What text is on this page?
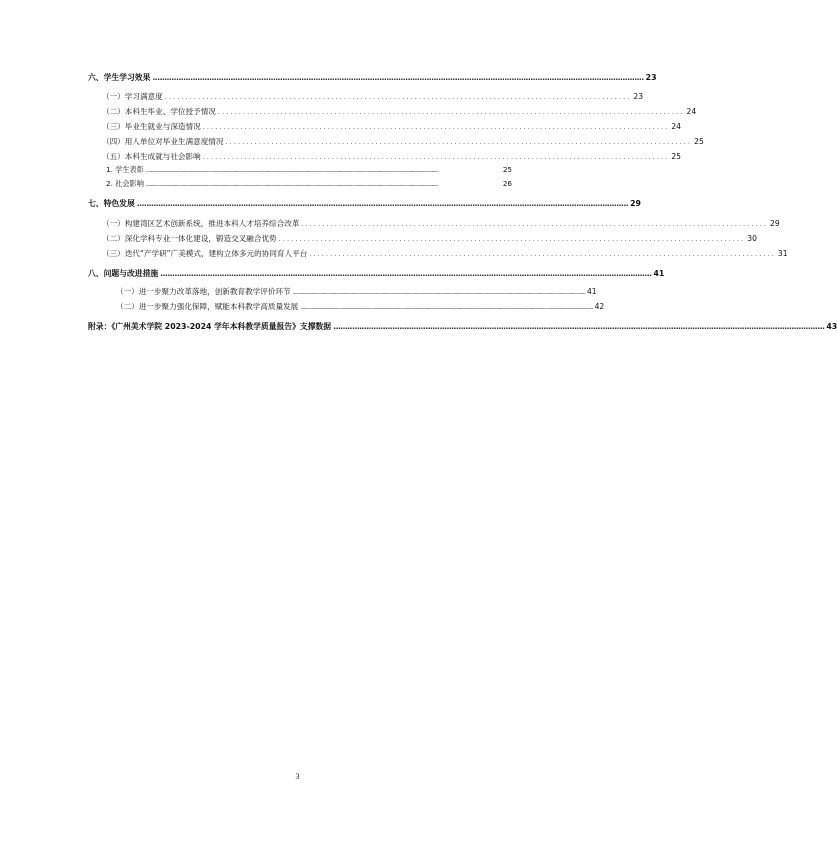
六、学生学习效果 ................................................................................................................................................................................................................ 23
（一）学习满意度 ................................................................................................................ 23
（二）本科生毕业、学位授予情况 ................................................................................................................ 24
（三）毕业生就业与深造情况 ................................................................................................................ 24
（四）用人单位对毕业生满意度情况 ................................................................................................................ 25
（五）本科生成就与社会影响 ................................................................................................................ 25
1. 学生表彰 ........................................................................................................................................................................................................................................................................	25
2. 社会影响 ........................................................................................................................................................................................................................................................................	26
七、特色发展 ................................................................................................................................................................................................................ 29
（一）构建湾区艺术创新系统，推进本科人才培养综合改革 ................................................................................................................ 29
（二）深化学科专业一体化建设，锻造交叉融合优势 ................................................................................................................ 30
（三）迭代“产学研”广美模式，建构立体多元的协同育人平台 ................................................................................................................ 31
八、问题与改进措施 ................................................................................................................................................................................................................ 41
（一）进一步聚力改革落地，创新教育教学评价环节 ........................................................................................................................................................................................................................................................................ 41
（二）进一步聚力强化保障，赋能本科教学高质量发展 ........................................................................................................................................................................................................................................................................ 42
附录：《广州美术学院 2023-2024 学年本科教学质量报告》支撑数据 ................................................................................................................................................................................................................ 43
3
